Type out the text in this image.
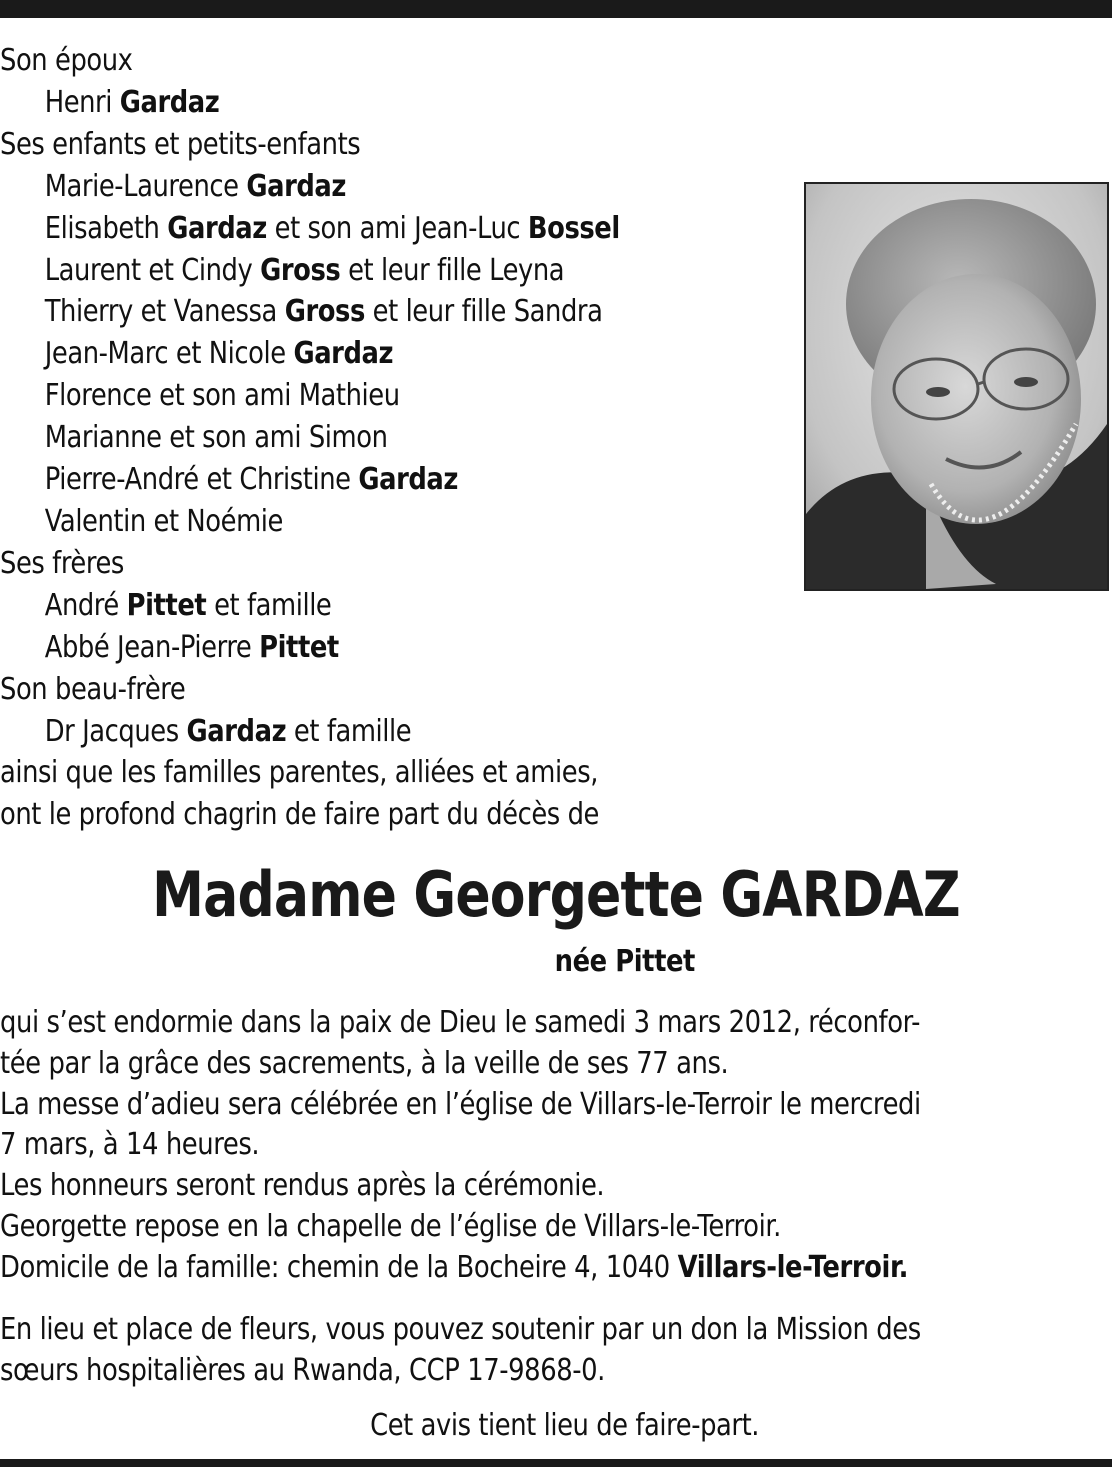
Son époux
Henri Gardaz
Ses enfants et petits-enfants
Marie-Laurence Gardaz
Elisabeth Gardaz et son ami Jean-Luc Bossel
Laurent et Cindy Gross et leur fille Leyna
Thierry et Vanessa Gross et leur fille Sandra
Jean-Marc et Nicole Gardaz
Florence et son ami Mathieu
Marianne et son ami Simon
Pierre-André et Christine Gardaz
Valentin et Noémie
Ses frères
André Pittet et famille
Abbé Jean-Pierre Pittet
Son beau-frère
Dr Jacques Gardaz et famille
ainsi que les familles parentes, alliées et amies,
ont le profond chagrin de faire part du décès de
Madame Georgette GARDAZ
née Pittet
qui s’est endormie dans la paix de Dieu le samedi 3 mars 2012, réconfor-
tée par la grâce des sacrements, à la veille de ses 77 ans.
La messe d’adieu sera célébrée en l’église de Villars-le-Terroir le mercredi
7 mars, à 14 heures.
Les honneurs seront rendus après la cérémonie.
Georgette repose en la chapelle de l’église de Villars-le-Terroir.
Domicile de la famille: chemin de la Bocheire 4, 1040 Villars-le-Terroir.
En lieu et place de fleurs, vous pouvez soutenir par un don la Mission des
sœurs hospitalières au Rwanda, CCP 17-9868-0.
Cet avis tient lieu de faire-part.
